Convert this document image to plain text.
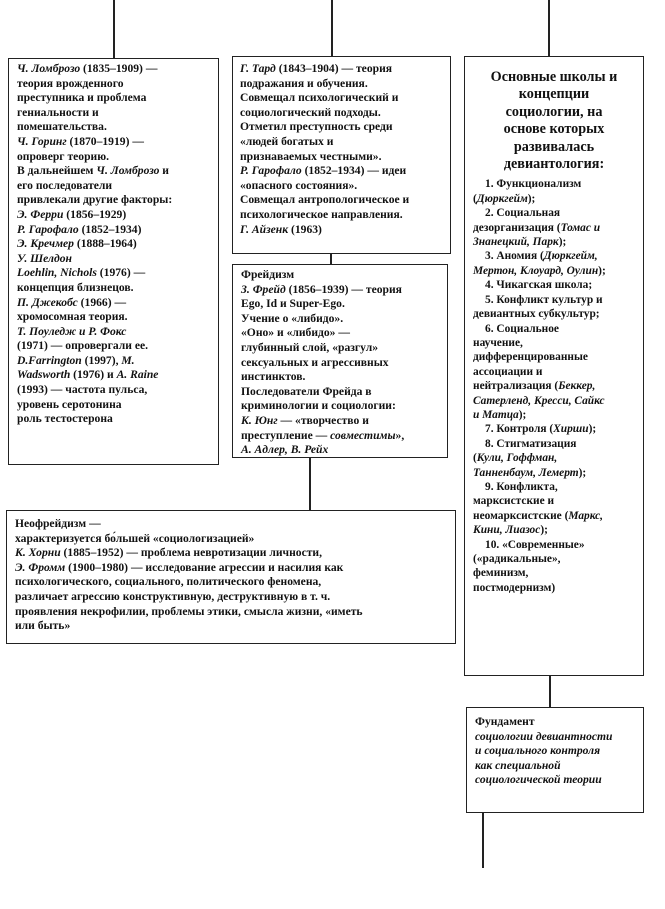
Ч. Ломброзо (1835–1909) —
теория врожденного
преступника и проблема
гениальности и
помешательства.
Ч. Горинг (1870–1919) —
опроверг теорию.
В дальнейшем Ч. Ломброзо и
его последователи
привлекали другие факторы:
Э. Ферри (1856–1929)
Р. Гарофало (1852–1934)
Э. Кречмер (1888–1964)
У. Шелдон
Loehlin, Nichols (1976) —
концепция близнецов.
П. Джекобс (1966) —
хромосомная теория.
Т. Поуледж и Р. Фокс
(1971) — опровергали ее.
D.Farrington (1997), M.
Wadsworth (1976) и A. Raine
(1993) — частота пульса,
уровень серотонина
роль тестостерона
Г. Тард (1843–1904) — теория
подражания и обучения.
Совмещал психологический и
социологический подходы.
Отметил преступность среди
«людей богатых и
признаваемых честными».
Р. Гарофало (1852–1934) — идеи
«опасного состояния».
Совмещал антропологическое и
психологическое направления.
Г. Айзенк (1963)
Фрейдизм
З. Фрейд (1856–1939) — теория
Ego, Id и Super-Ego.
Учение о «либидо».
«Оно» и «либидо» —
глубинный слой, «разгул»
сексуальных и агрессивных
инстинктов.
Последователи Фрейда в
криминологии и социологии:
К. Юнг — «творчество и
преступление — совместимы»,
А. Адлер, В. Рейх
Неофрейдизм —
характеризуется бо́льшей «социологизацией»
К. Хорни (1885–1952) — проблема невротизации личности,
Э. Фромм (1900–1980) — исследование агрессии и насилия как
психологического, социального, политического феномена,
различает агрессию конструктивную, деструктивную в т. ч.
проявления некрофилии, проблемы этики, смысла жизни, «иметь
или быть»
Основные школы и
концепции
социологии, на
основе которых
развивалась
девиантология:
1. Функционализм
(Дюркгейм);
2. Социальная
дезорганизация (Томас и
Знанецкий, Парк);
3. Аномия (Дюркгейм,
Мертон, Клоуард, Оулин);
4. Чикагская школа;
5. Конфликт культур и
девиантных субкультур;
6. Социальное
научение,
дифференцированные
ассоциации и
нейтрализация (Беккер,
Сатерленд, Кресси, Сайкс
и Матца);
7. Контроля (Хирши);
8. Стигматизация
(Кули, Гоффман,
Танненбаум, Лемерт);
9. Конфликта,
марксистские и
неомарксистские (Маркс,
Кини, Лиазос);
10. «Современные»
(«радикальные»,
феминизм,
постмодернизм)
Фундамент
социологии девиантности
и социального контроля
как специальной
социологической теории
